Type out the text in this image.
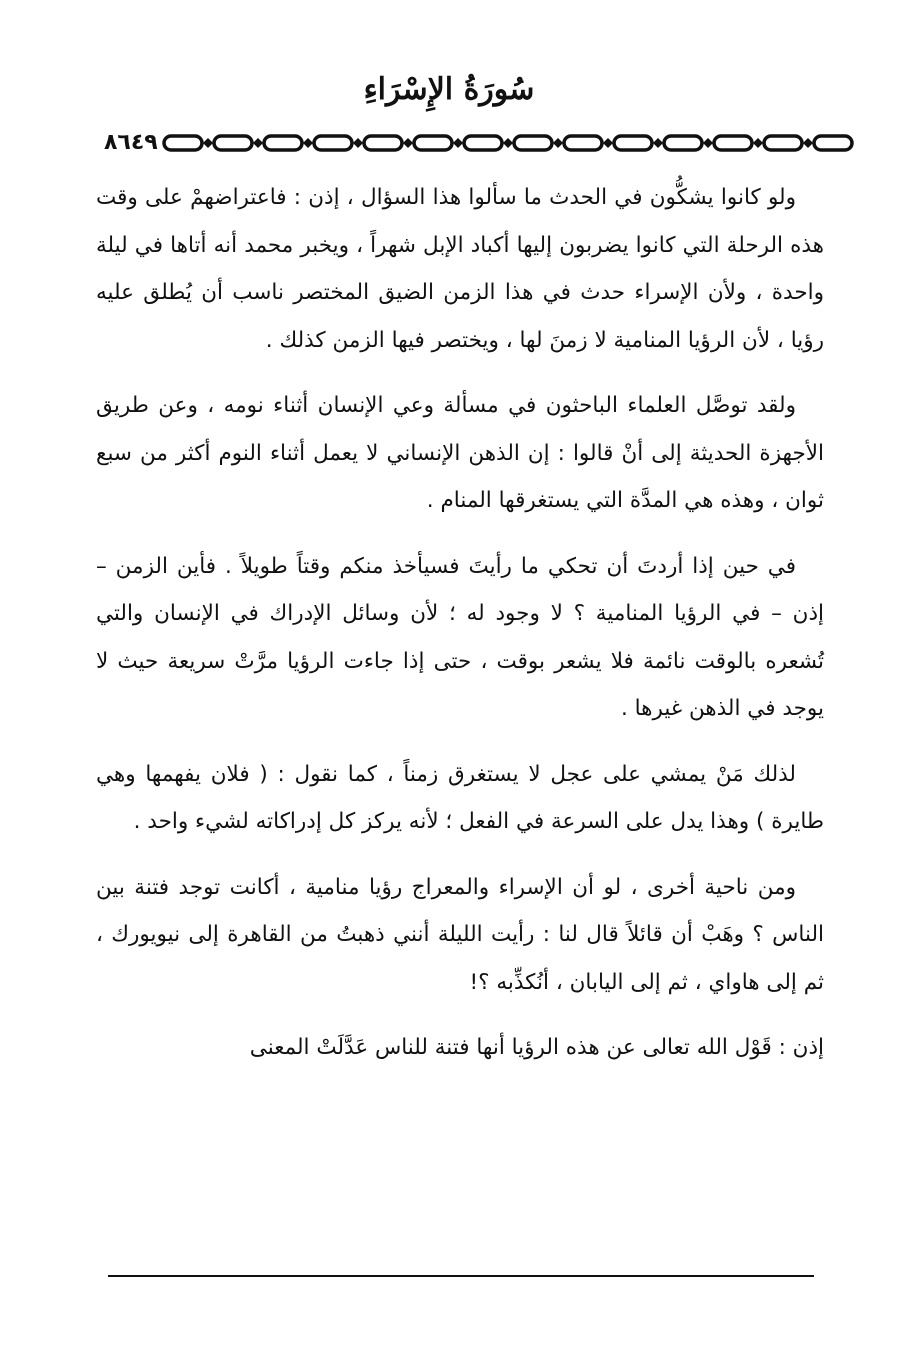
سُورَةُ الإِسْرَاءِ
٨٦٤٩

ولو كانوا يشكُّون في الحدث ما سألوا هذا السؤال ، إذن : فاعتراضهمْ على وقت هذه الرحلة التي كانوا يضربون إليها أكباد الإبل شهراً ، ويخبر محمد أنه أتاها في ليلة واحدة ، ولأن الإسراء حدث في هذا الزمن الضيق المختصر ناسب أن يُطلق عليه رؤيا ، لأن الرؤيا المنامية لا زمنَ لها ، ويختصر فيها الزمن كذلك .

ولقد توصَّل العلماء الباحثون في مسألة وعي الإنسان أثناء نومه ، وعن طريق الأجهزة الحديثة إلى أنْ قالوا : إن الذهن الإنساني لا يعمل أثناء النوم أكثر من سبع ثوان ، وهذه هي المدَّة التي يستغرقها المنام .

في حين إذا أردتَ أن تحكي ما رأيتَ فسيأخذ منكم وقتاً طويلاً . فأين الزمن – إذن – في الرؤيا المنامية ؟ لا وجود له ؛ لأن وسائل الإدراك في الإنسان والتي تُشعره بالوقت نائمة فلا يشعر بوقت ، حتى إذا جاءت الرؤيا مرَّتْ سريعة حيث لا يوجد في الذهن غيرها .

لذلك مَنْ يمشي على عجل لا يستغرق زمناً ، كما نقول : ( فلان يفهمها وهي طايرة ) وهذا يدل على السرعة في الفعل ؛ لأنه يركز كل إدراكاته لشيء واحد .

ومن ناحية أخرى ، لو أن الإسراء والمعراج رؤيا منامية ، أكانت توجد فتنة بين الناس ؟ وهَبْ أن قائلاً قال لنا : رأيت الليلة أنني ذهبتُ من القاهرة إلى نيويورك ، ثم إلى هاواي ، ثم إلى اليابان ، أنُكذِّبه ؟!

إذن : قَوْل الله تعالى عن هذه الرؤيا أنها فتنة للناس عَدَّلَتْ المعنى
